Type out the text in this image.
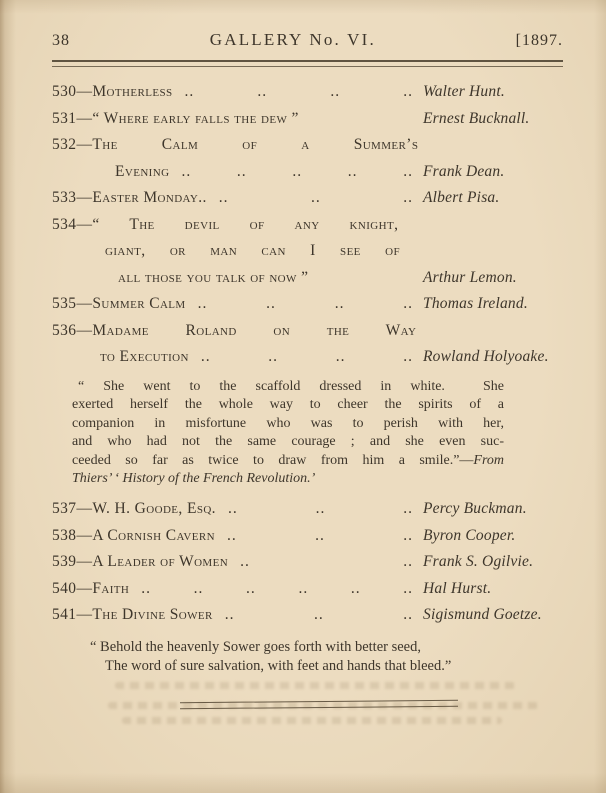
38	GALLERY No. VI.	[1897.
530— Motherless .. .. .. .. Walter Hunt.
531— “ Where early falls the dew ”	Ernest Bucknall.
532— The Calm of a Summer’s
Evening .. .. .. .. .. Frank Dean.
533— Easter Monday.. .. .. .. Albert Pisa.
534— “ The devil of any knight,
giant, or man can I see of
all those you talk of now ”	Arthur Lemon.
535— Summer Calm .. .. .. .. Thomas Ireland.
536— Madame Roland on the Way
to Execution .. .. .. .. Rowland Holyoake.
“ She went to the scaffold dressed in white.  She
exerted herself the whole way to cheer the spirits of a
companion in misfortune who was to perish with her,
and who had not the same courage ; and she even suc-
ceeded so far as twice to draw from him a smile.”—From
Thiers’ ‘ History of the French Revolution.’
537— W. H. Goode, Esq. .. .. .. Percy Buckman.
538— A Cornish Cavern .. .. .. Byron Cooper.
539— A Leader of Women .. .. Frank S. Ogilvie.
540— Faith .. .. .. .. .. .. Hal Hurst.
541— The Divine Sower .. .. .. Sigismund Goetze.
“ Behold the heavenly Sower goes forth with better seed,
The word of sure salvation, with feet and hands that bleed.”
